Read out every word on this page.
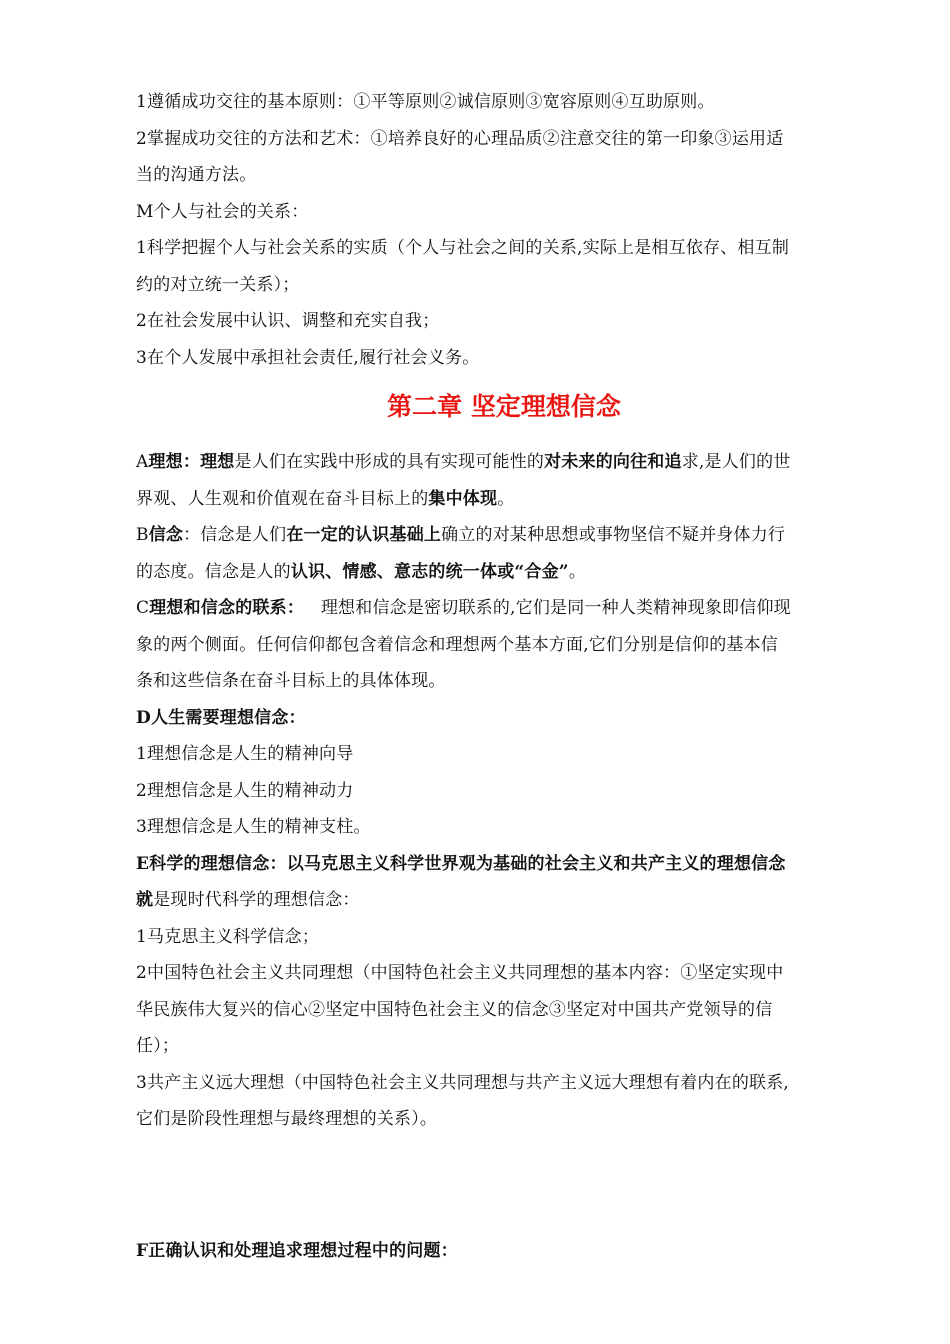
1遵循成功交往的基本原则：①平等原则②诚信原则③宽容原则④互助原则。

2掌握成功交往的方法和艺术：①培养良好的心理品质②注意交往的第一印象③运用适

当的沟通方法。

M个人与社会的关系：

1科学把握个人与社会关系的实质（个人与社会之间的关系,实际上是相互依存、相互制

约的对立统一关系）；

2在社会发展中认识、调整和充实自我；

3在个人发展中承担社会责任,履行社会义务。

第二章 坚定理想信念

A理想：理想是人们在实践中形成的具有实现可能性的对未来的向往和追求,是人们的世

界观、人生观和价值观在奋斗目标上的集中体现。

B信念：信念是人们在一定的认识基础上确立的对某种思想或事物坚信不疑并身体力行

的态度。信念是人的认识、情感、意志的统一体或“合金”。

C理想和信念的联系：   理想和信念是密切联系的,它们是同一种人类精神现象即信仰现

象的两个侧面。任何信仰都包含着信念和理想两个基本方面,它们分别是信仰的基本信

条和这些信条在奋斗目标上的具体体现。

D人生需要理想信念：

1理想信念是人生的精神向导

2理想信念是人生的精神动力

3理想信念是人生的精神支柱。

E科学的理想信念：以马克思主义科学世界观为基础的社会主义和共产主义的理想信念

就是现时代科学的理想信念：

1马克思主义科学信念；

2中国特色社会主义共同理想（中国特色社会主义共同理想的基本内容：①坚定实现中

华民族伟大复兴的信心②坚定中国特色社会主义的信念③坚定对中国共产党领导的信

任）；

3共产主义远大理想（中国特色社会主义共同理想与共产主义远大理想有着内在的联系,

它们是阶段性理想与最终理想的关系）。

F正确认识和处理追求理想过程中的问题：
